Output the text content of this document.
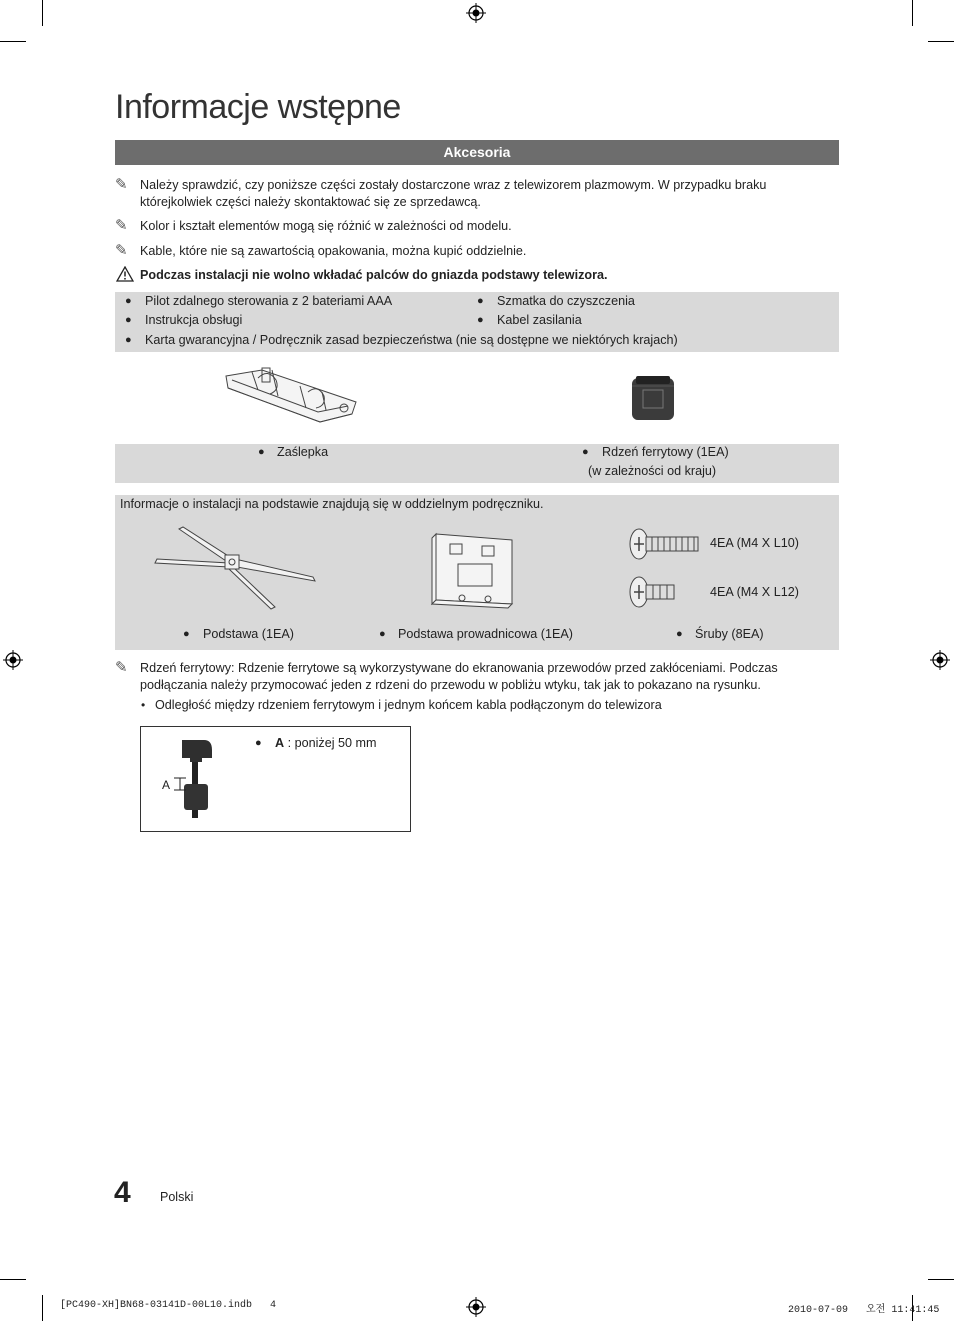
Informacje wstępne
Akcesoria
✎ Należy sprawdzić, czy poniższe części zostały dostarczone wraz z telewizorem plazmowym. W przypadku braku którejkolwiek części należy skontaktować się ze sprzedawcą.
✎ Kolor i kształt elementów mogą się różnić w zależności od modelu.
✎ Kable, które nie są zawartością opakowania, można kupić oddzielnie.
Podczas instalacji nie wolno wkładać palców do gniazda podstawy telewizora.
● Pilot zdalnego sterowania z 2 bateriami AAA	● Szmatka do czyszczenia
● Instrukcja obsługi	● Kabel zasilania
● Karta gwarancyjna / Podręcznik zasad bezpieczeństwa (nie są dostępne we niektórych krajach)
● Zaślepka	● Rdzeń ferrytowy (1EA)
(w zależności od kraju)
Informacje o instalacji na podstawie znajdują się w oddzielnym podręczniku.
4EA (M4 X L10)
4EA (M4 X L12)
● Podstawa (1EA)	● Podstawa prowadnicowa (1EA)	● Śruby (8EA)
✎ Rdzeń ferrytowy: Rdzenie ferrytowe są wykorzystywane do ekranowania przewodów przed zakłóceniami. Podczas podłączania należy przymocować jeden z rdzeni do przewodu w pobliżu wtyku, tak jak to pokazano na rysunku.
• Odległość między rdzeniem ferrytowym i jednym końcem kabla podłączonym do telewizora
A
● A : poniżej 50 mm
4 Polski
[PC490-XH]BN68-03141D-00L10.indb   4	2010-07-09   오전 11:41:45
